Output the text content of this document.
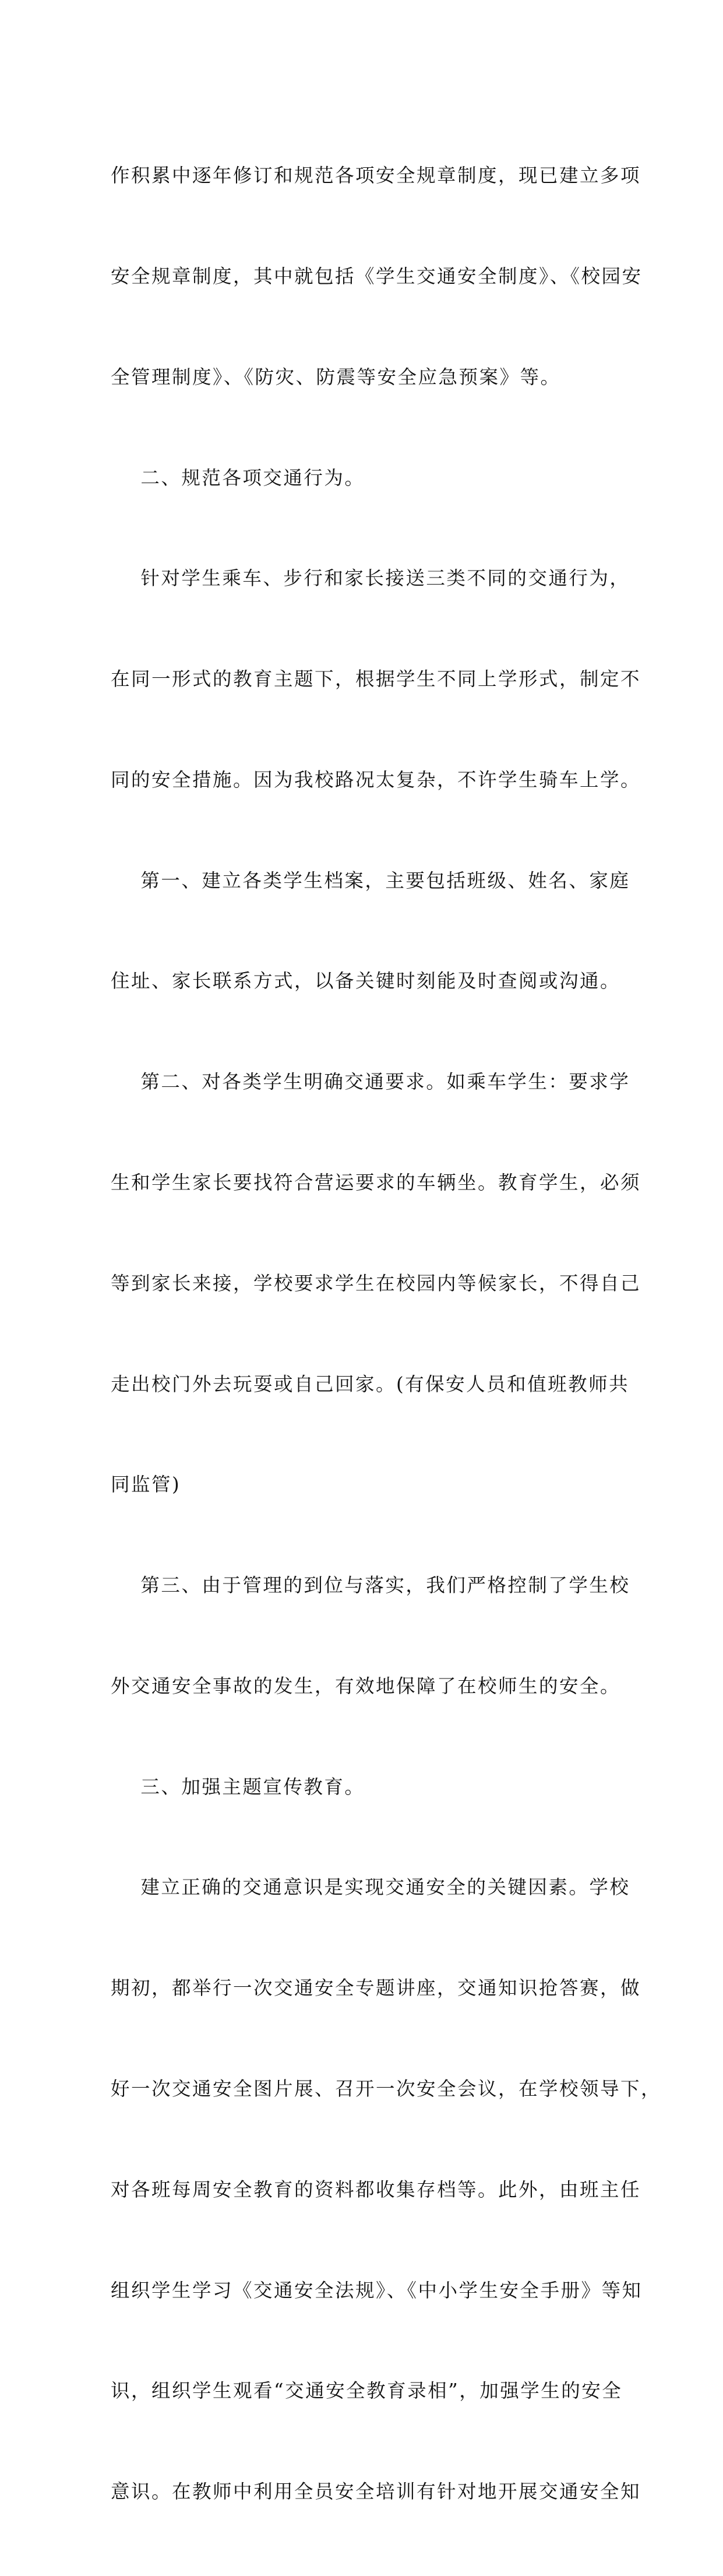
作积累中逐年修订和规范各项安全规章制度，现已建立多项

安全规章制度，其中就包括《学生交通安全制度》、《校园安

全管理制度》、《防灾、防震等安全应急预案》等。

二、规范各项交通行为。

针对学生乘车、步行和家长接送三类不同的交通行为，

在同一形式的教育主题下，根据学生不同上学形式，制定不

同的安全措施。因为我校路况太复杂，不许学生骑车上学。

第一、建立各类学生档案，主要包括班级、姓名、家庭

住址、家长联系方式，以备关键时刻能及时查阅或沟通。

第二、对各类学生明确交通要求。如乘车学生：要求学

生和学生家长要找符合营运要求的车辆坐。教育学生，必须

等到家长来接，学校要求学生在校园内等候家长，不得自己

走出校门外去玩耍或自己回家。(有保安人员和值班教师共

同监管)

第三、由于管理的到位与落实，我们严格控制了学生校

外交通安全事故的发生，有效地保障了在校师生的安全。

三、加强主题宣传教育。

建立正确的交通意识是实现交通安全的关键因素。学校

期初，都举行一次交通安全专题讲座，交通知识抢答赛，做

好一次交通安全图片展、召开一次安全会议，在学校领导下，

对各班每周安全教育的资料都收集存档等。此外，由班主任

组织学生学习《交通安全法规》、《中小学生安全手册》等知

识，组织学生观看“交通安全教育录相”，加强学生的安全

意识。在教师中利用全员安全培训有针对地开展交通安全知
